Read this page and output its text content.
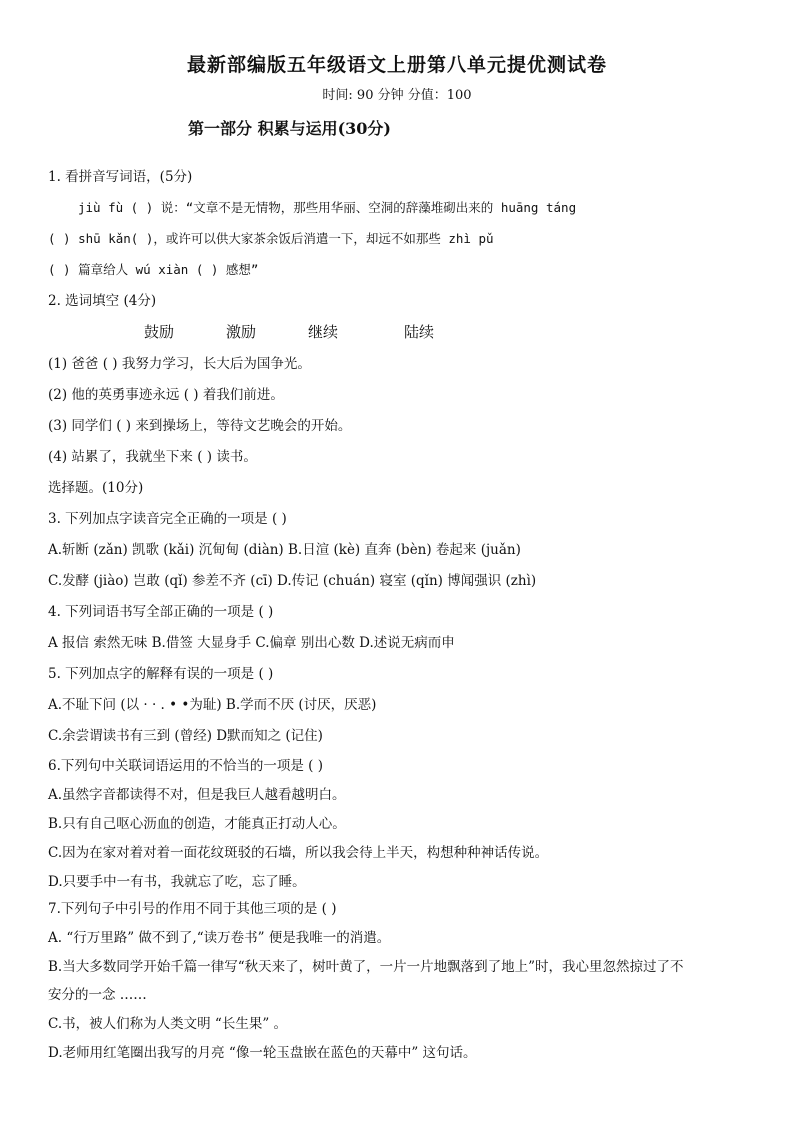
最新部编版五年级语文上册第八单元提优测试卷
时间: 90 分钟 分值：100
第一部分 积累与运用(30分)
1. 看拼音写词语，(5分)
jiù fù ( ) 说：“文章不是无情物，那些用华丽、空洞的辞藻堆砌出来的 huāng táng
( ) shū kǎn( )，或许可以供大家茶余饭后消遣一下，却远不如那些 zhì pǔ
( ) 篇章给人 wú xiàn ( ) 感想”
2. 选词填空 (4分)
鼓励	激励	继续	陆续
(1) 爸爸 ( ) 我努力学习，长大后为国争光。
(2) 他的英勇事迹永远 ( ) 着我们前进。
(3) 同学们 ( ) 来到操场上，等待文艺晚会的开始。
(4) 站累了，我就坐下来 ( ) 读书。
选择题。(10分)
3. 下列加点字读音完全正确的一项是 ( )
A.斩断 (zǎn) 凯歌 (kǎi) 沉甸甸 (diàn) B.日渲 (kè) 直奔 (bèn) 卷起来 (juǎn)
C.发酵 (jiào) 岂敢 (qǐ) 参差不齐 (cī) D.传记 (chuán) 寝室 (qǐn) 博闻强识 (zhì)
4. 下列词语书写全部正确的一项是 ( )
A 报信 索然无味 B.借签 大显身手 C.偏章 别出心数 D.述说无病而申
5. 下列加点字的解释有误的一项是 ( )
A.不耻下问 (以 · · . • •为耻) B.学而不厌 (讨厌，厌恶)
C.余尝谓读书有三到 (曾经) D默而知之 (记住)
6.下列句中关联词语运用的不恰当的一项是 ( )
A.虽然字音都读得不对，但是我巨人越看越明白。
B.只有自己呕心沥血的创造，才能真正打动人心。
C.因为在家对着对着一面花纹斑驳的石墙，所以我会待上半天，构想种种神话传说。
D.只要手中一有书，我就忘了吃，忘了睡。
7.下列句子中引号的作用不同于其他三项的是 ( )
A. “行万里路” 做不到了,“读万卷书” 便是我唯一的消遣。
B.当大多数同学开始千篇一律写“秋天来了，树叶黄了，一片一片地飘落到了地上”时，我心里忽然掠过了不
安分的一念 ……
C.书，被人们称为人类文明 “长生果” 。
D.老师用红笔圈出我写的月亮 “像一轮玉盘嵌在蓝色的天幕中” 这句话。
